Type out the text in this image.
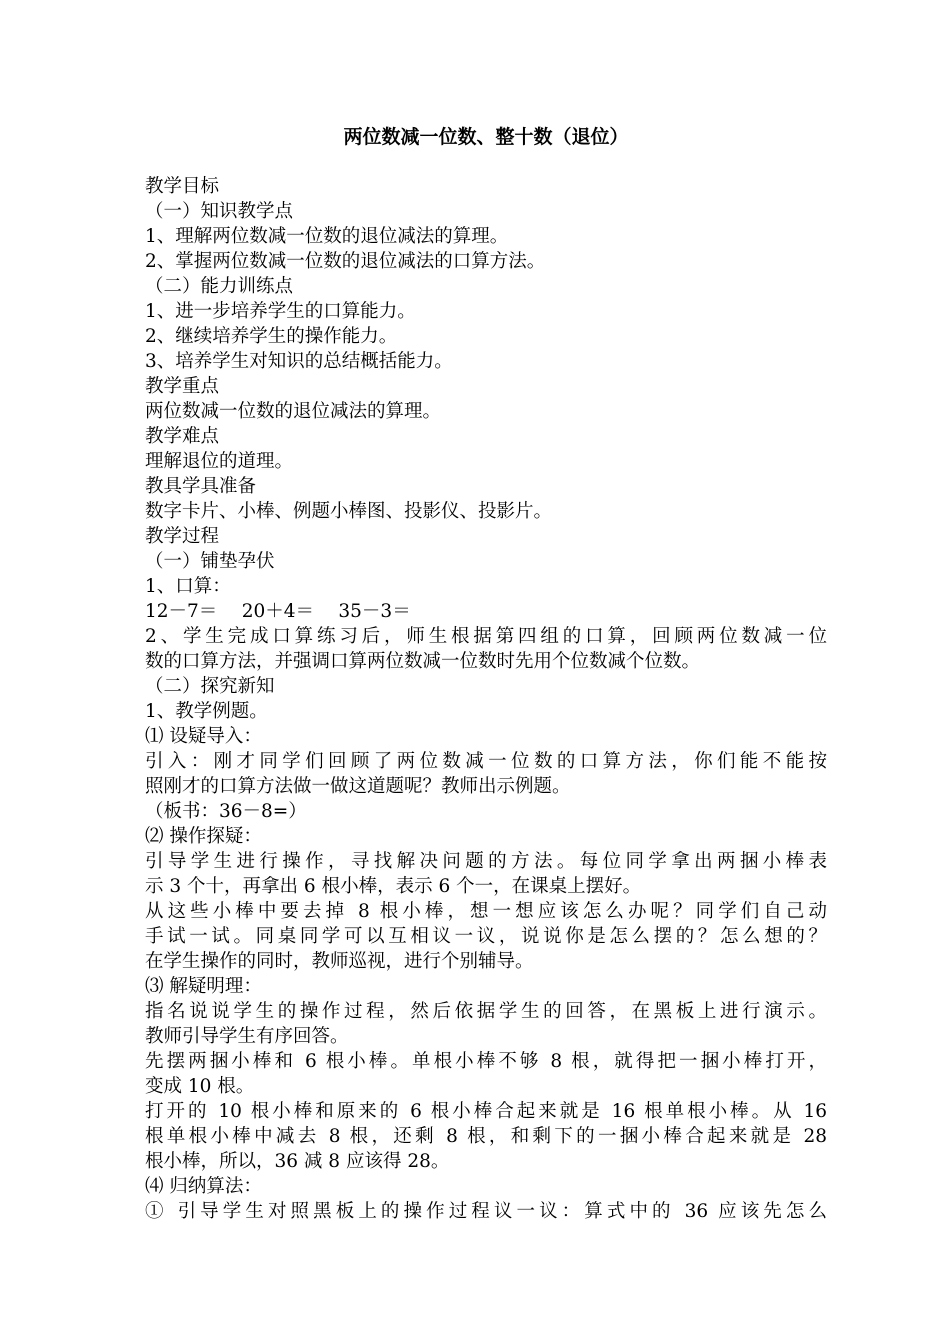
两位数减一位数、整十数（退位）
教学目标
（一）知识教学点
1、理解两位数减一位数的退位减法的算理。
2、掌握两位数减一位数的退位减法的口算方法。
（二）能力训练点
1、进一步培养学生的口算能力。
2、继续培养学生的操作能力。
3、培养学生对知识的总结概括能力。
教学重点
两位数减一位数的退位减法的算理。
教学难点
理解退位的道理。
教具学具准备
数字卡片、小棒、例题小棒图、投影仪、投影片。
教学过程
（一）铺垫孕伏
1、口算：
12－7＝　 20＋4＝　 35－3＝
2、学生完成口算练习后，师生根据第四组的口算，回顾两位数减一位
数的口算方法，并强调口算两位数减一位数时先用个位数减个位数。
（二）探究新知
1、教学例题。
⑴ 设疑导入：
引入：刚才同学们回顾了两位数减一位数的口算方法，你们能不能按
照刚才的口算方法做一做这道题呢？教师出示例题。
（板书：36－8=）
⑵ 操作探疑：
引导学生进行操作，寻找解决问题的方法。每位同学拿出两捆小棒表
示 3 个十，再拿出 6 根小棒，表示 6 个一，在课桌上摆好。
从这些小棒中要去掉 8 根小棒，想一想应该怎么办呢？同学们自己动
手试一试。同桌同学可以互相议一议，说说你是怎么摆的？怎么想的？
在学生操作的同时，教师巡视，进行个别辅导。
⑶ 解疑明理：
指名说说学生的操作过程，然后依据学生的回答，在黑板上进行演示。
教师引导学生有序回答。
先摆两捆小棒和 6 根小棒。单根小棒不够 8 根，就得把一捆小棒打开，
变成 10 根。
打开的 10 根小棒和原来的 6 根小棒合起来就是 16 根单根小棒。从 16
根单根小棒中减去 8 根，还剩 8 根，和剩下的一捆小棒合起来就是 28
根小棒，所以，36 减 8 应该得 28。
⑷ 归纳算法：
① 引导学生对照黑板上的操作过程议一议：算式中的 36 应该先怎么
